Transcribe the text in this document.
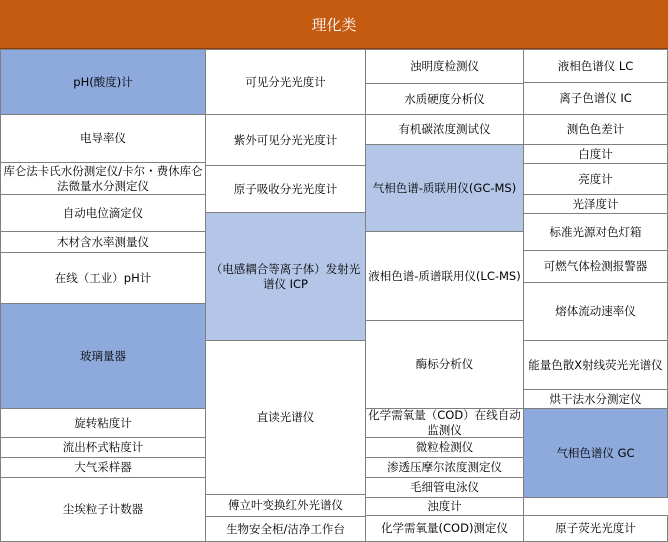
理化类
pH(酸度)计
电导率仪
库仑法卡氏水份测定仪/卡尔・费休库仑法微量水分测定仪
自动电位滴定仪
木材含水率测量仪
在线（工业）pH计
玻璃量器
旋转粘度计
流出杯式粘度计
大气采样器
尘埃粒子计数器
可见分光光度计
紫外可见分光光度计
原子吸收分光光度计
（电感耦合等离子体）发射光谱仪 ICP
直读光谱仪
傅立叶变换红外光谱仪
生物安全柜/洁净工作台
浊明度检测仪
水质硬度分析仪
有机碳浓度测试仪
气相色谱-质联用仪(GC-MS)
液相色谱-质谱联用仪(LC-MS)
酶标分析仪
化学需氧量（COD）在线自动监测仪
微粒检测仪
渗透压摩尔浓度测定仪
毛细管电泳仪
浊度计
化学需氧量(COD)测定仪
液相色谱仪 LC
离子色谱仪 IC
测色色差计
白度计
亮度计
光泽度计
标准光源对色灯箱
可燃气体检测报警器
熔体流动速率仪
能量色散X射线荧光光谱仪
烘干法水分测定仪
气相色谱仪 GC
原子荧光光度计
